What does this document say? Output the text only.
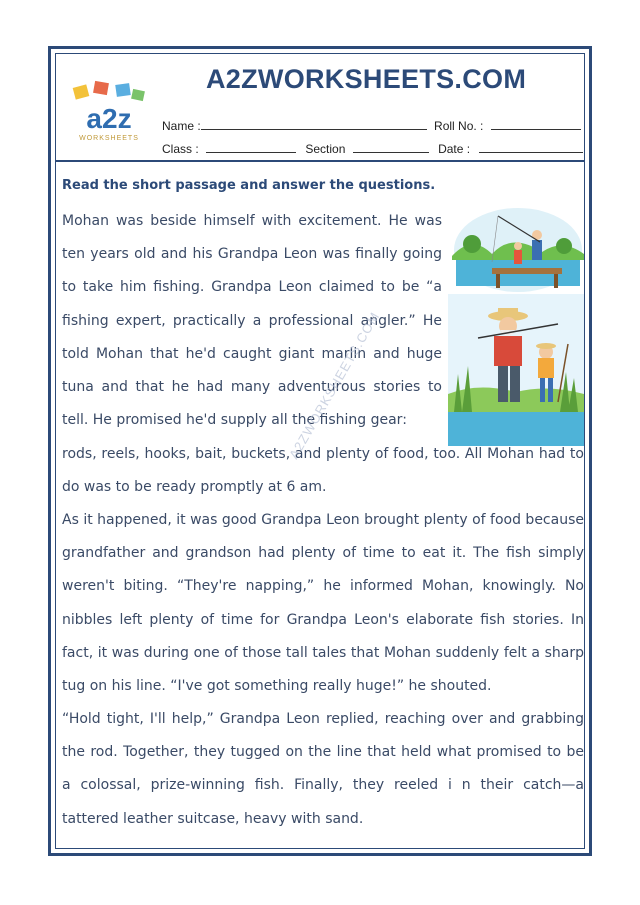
a2z
WORKSHEETS
A2ZWORKSHEETS.COM
Name :	Roll No. :
Class :	Section	Date :
Read the short passage and answer the questions.
Mohan was beside himself with excitement. He was ten years old and his Grandpa Leon was finally going to take him fishing. Grandpa Leon claimed to be “a fishing expert, practically a professional angler.” He told Mohan that he'd caught giant marlin and huge tuna and that he had many adventurous stories to tell. He promised he'd supply all the fishing gear:
rods, reels, hooks, bait, buckets, and plenty of food, too. All Mohan had to do was to be ready promptly at 6 am.
As it happened, it was good Grandpa Leon brought plenty of food because grandfather and grandson had plenty of time to eat it. The fish simply weren't biting. “They're napping,” he informed Mohan, knowingly. No nibbles left plenty of time for Grandpa Leon's elaborate fish stories. In fact, it was during one of those tall tales that Mohan suddenly felt a sharp tug on his line. “I've got something really huge!” he shouted.
“Hold tight, I'll help,” Grandpa Leon replied, reaching over and grabbing the rod. Together, they tugged on the line that held what promised to be a colossal, prize-winning fish. Finally, they reeled i n their catch—a tattered leather suitcase, heavy with sand.
A2ZWORKSHEETS.COM
